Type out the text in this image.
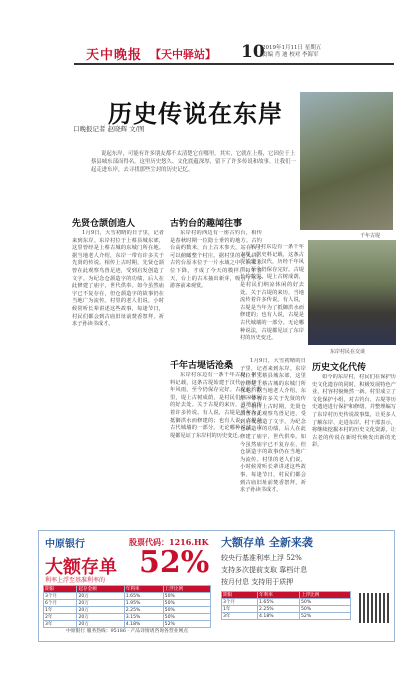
天中晚报 【天中驿站】 10
2019年1月11日 星期五
责编 肖 迪 校对 李海军
历史传说在东岸
口晚报记者 赵晓辉 文/图
说起东岸，可能有许多朋友都不太清楚它在哪里。其实，它就在上蔡，它因位于上蔡县城东部而得名。这里历史悠久、文化底蕴深厚，留下了许多传说和故事。让我们一起走进东岸，去寻找那些尘封的历史记忆。
千年古堤
先贤仓颉创造人
1月9日，大雪初晴的日子里，记者来到东岸。东岸村位于上蔡县城东郊，这里曾经是上蔡古城的东城门所在地。据当地老人介绍，东岸一带有许多关于先贤的传说。相传上古时期，先贤仓颉曾在此观察鸟兽足迹，受到启发创造了文字。为纪念仓颉造字的功绩，后人在此修建了庙宇，世代供奉。如今虽然庙宇已不复存在，但仓颉造字的故事仍在当地广为流传。村里的老人们说，小时候常听长辈讲述这些故事，每逢节日，村民们都会到古庙旧址前焚香祭拜，祈求子孙读书成才。
古钓台的趣闻往事
东岸村的西边有一座古钓台，相传是春秋时期一位隐士垂钓的地方。古钓台高约数米，台上古木参天，站在台上可以俯瞰整个村庄。据村里的老人讲，古钓台原本位于一片水域之中，后来水位下降，才成了今天的模样。每年春天，台上的古木抽出新芽，吸引了不少游客前来观赏。
千年古堤话沧桑
东岸村东边有一条千年古堤，据史料记载，这条古堤始建于汉代，历经千年风雨，至今仍保存完好。古堤长约数里，堤上古树成荫，是村民们纳凉休闲的好去处。关于古堤的来历，当地流传着许多传说。有人说，古堤是当年为了抵御洪水而修建的；也有人说，古堤是古代城墙的一部分。无论哪种说法，古堤都见证了东岸村的历史变迁。
东岸村东边有一条千年古堤，据史料记载，这条古堤始建于汉代，历经千年风雨，至今仍保存完好。古堤长约数里，堤上古树成荫，是村民们纳凉休闲的好去处。关于古堤的来历，当地流传着许多传说。有人说，古堤是当年为了抵御洪水而修建的；也有人说，古堤是古代城墙的一部分。无论哪种说法，古堤都见证了东岸村的历史变迁。
东岸村民在交谈
1月9日，大雪初晴的日子里，记者来到东岸。东岸村位于上蔡县城东郊，这里曾经是上蔡古城的东城门所在地。据当地老人介绍，东岸一带有许多关于先贤的传说。相传上古时期，先贤仓颉曾在此观察鸟兽足迹，受到启发创造了文字。为纪念仓颉造字的功绩，后人在此修建了庙宇，世代供奉。如今虽然庙宇已不复存在，但仓颉造字的故事仍在当地广为流传。村里的老人们说，小时候常听长辈讲述这些故事，每逢节日，村民们都会到古庙旧址前焚香祭拜，祈求子孙读书成才。
历史文化代传
如今的东岸村，村民们在保护历史文化遗存的同时，积极发展特色产业，村容村貌焕然一新。村里成立了文化保护小组，对古钓台、古堤等历史遗迹进行保护和修缮，并整理编写了东岸村历史传说故事集，让更多人了解东岸、走进东岸。村干部表示，将继续挖掘本村的历史文化资源，让古老的传说在新时代焕发出新的光彩。
中原银行	股票代码：1216.HK
大额存单 52%
利率上浮至基准利率的
期限	起存金额	年利率	上浮比例
3个月	20万	1.65%	50%
6个月	20万	1.95%	50%
1年	20万	2.25%	50%
2年	20万	3.15%	50%
3年	20万	4.18%	52%
中原银行 服务热线：95186 · 产品详情请咨询各营业网点
大额存单 全新来袭
较央行基准利率上浮 52%
支持多次提前支取 靠档计息
按月付息 支持用于质押
期限	年利率	上浮比例
3个月	1.65%	50%
1年	2.25%	50%
3年	4.18%	52%
